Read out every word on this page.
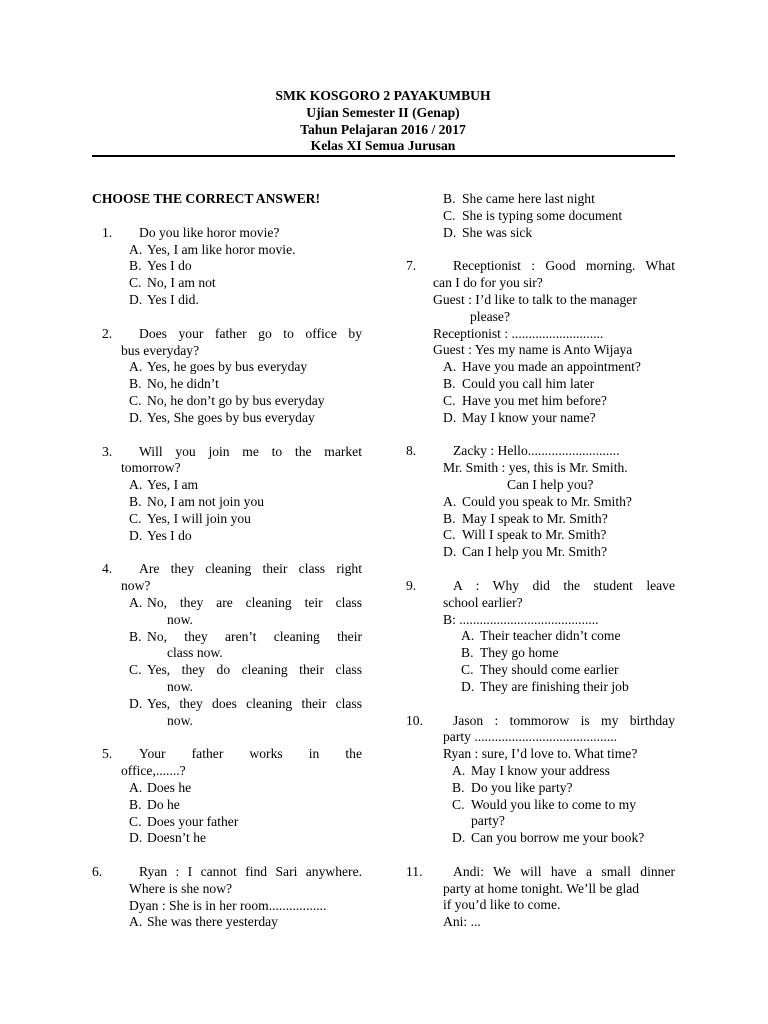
SMK KOSGORO 2 PAYAKUMBUH
Ujian Semester II (Genap)
Tahun Pelajaran 2016 / 2017
Kelas XI Semua Jurusan
CHOOSE THE CORRECT ANSWER!
1. Do you like horor movie?
A. Yes, I am like horor movie.
B. Yes I do
C. No, I am not
D. Yes I did.
2. Does your father go to office by
bus everyday?
A. Yes, he goes by bus everyday
B. No, he didn’t
C. No, he don’t go by bus everyday
D. Yes, She goes by bus everyday
3. Will you join me to the market
tomorrow?
A. Yes, I am
B. No, I am not join you
C. Yes, I will join you
D. Yes I do
4. Are they cleaning their class right
now?
A. No, they are cleaning teir class
now.
B. No, they aren’t cleaning their
class now.
C. Yes, they do cleaning their class
now.
D. Yes, they does cleaning their class
now.
5. Your father works in the
office,.......?
A. Does he
B. Do he
C. Does your father
D. Doesn’t he
6.	Ryan : I cannot find Sari anywhere.
Where is she now?
Dyan : She is in her room.................
A. She was there yesterday
B. She came here last night
C. She is typing some document
D. She was sick
7.	Receptionist : Good morning. What
can I do for you sir?
Guest : I’d like to talk to the manager
please?
Receptionist : ...........................
Guest : Yes my name is Anto Wijaya
A. Have you made an appointment?
B. Could you call him later
C. Have you met him before?
D. May I know your name?
8.	Zacky : Hello...........................
Mr. Smith : yes, this is Mr. Smith.
Can I help you?
A. Could you speak to Mr. Smith?
B. May I speak to Mr. Smith?
C. Will I speak to Mr. Smith?
D. Can I help you Mr. Smith?
9.	A : Why did the student leave
school earlier?
B: .........................................
A. Their teacher didn’t come
B. They go home
C. They should come earlier
D. They are finishing their job
10. Jason : tommorow is my birthday
party ..........................................
Ryan : sure, I’d love to. What time?
A. May I know your address
B. Do you like party?
C. Would you like to come to my
party?
D. Can you borrow me your book?
11. Andi: We will have a small dinner
party at home tonight. We’ll be glad
if you’d like to come.
Ani: ...
